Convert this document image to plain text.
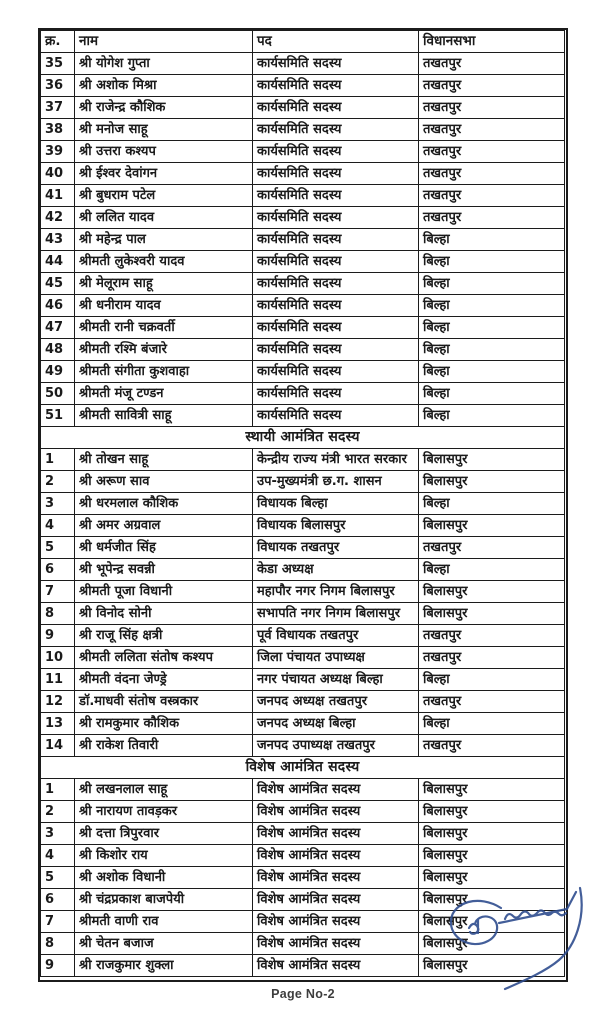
क्र.	नाम	पद	विधानसभा
35	श्री योगेश गुप्ता	कार्यसमिति सदस्य	तखतपुर
36	श्री अशोक मिश्रा	कार्यसमिति सदस्य	तखतपुर
37	श्री राजेन्द्र कौशिक	कार्यसमिति सदस्य	तखतपुर
38	श्री मनोज साहू	कार्यसमिति सदस्य	तखतपुर
39	श्री उत्तरा कश्यप	कार्यसमिति सदस्य	तखतपुर
40	श्री ईश्वर देवांगन	कार्यसमिति सदस्य	तखतपुर
41	श्री बुधराम पटेल	कार्यसमिति सदस्य	तखतपुर
42	श्री ललित यादव	कार्यसमिति सदस्य	तखतपुर
43	श्री महेन्द्र पाल	कार्यसमिति सदस्य	बिल्हा
44	श्रीमती लुकेश्वरी यादव	कार्यसमिति सदस्य	बिल्हा
45	श्री मेलूराम साहू	कार्यसमिति सदस्य	बिल्हा
46	श्री धनीराम यादव	कार्यसमिति सदस्य	बिल्हा
47	श्रीमती रानी चक्रवर्ती	कार्यसमिति सदस्य	बिल्हा
48	श्रीमती रश्मि बंजारे	कार्यसमिति सदस्य	बिल्हा
49	श्रीमती संगीता कुशवाहा	कार्यसमिति सदस्य	बिल्हा
50	श्रीमती मंजू टण्डन	कार्यसमिति सदस्य	बिल्हा
51	श्रीमती सावित्री साहू	कार्यसमिति सदस्य	बिल्हा
स्थायी आमंत्रित सदस्य			
1	श्री तोखन साहू	केन्द्रीय राज्य मंत्री भारत सरकार	बिलासपुर
2	श्री अरूण साव	उप-मुख्यमंत्री छ.ग. शासन	बिलासपुर
3	श्री धरमलाल कौशिक	विधायक बिल्हा	बिल्हा
4	श्री अमर अग्रवाल	विधायक बिलासपुर	बिलासपुर
5	श्री धर्मजीत सिंह	विधायक तखतपुर	तखतपुर
6	श्री भूपेन्द्र सवन्नी	केडा अध्यक्ष	बिल्हा
7	श्रीमती पूजा विधानी	महापौर नगर निगम बिलासपुर	बिलासपुर
8	श्री विनोद सोनी	सभापति नगर निगम बिलासपुर	बिलासपुर
9	श्री राजू सिंह क्षत्री	पूर्व विधायक तखतपुर	तखतपुर
10	श्रीमती ललिता संतोष कश्यप	जिला पंचायत उपाध्यक्ष	तखतपुर
11	श्रीमती वंदना जेण्ड्रे	नगर पंचायत अध्यक्ष बिल्हा	बिल्हा
12	डॉ.माधवी संतोष वस्त्रकार	जनपद अध्यक्ष तखतपुर	तखतपुर
13	श्री रामकुमार कौशिक	जनपद अध्यक्ष बिल्हा	बिल्हा
14	श्री राकेश तिवारी	जनपद उपाध्यक्ष तखतपुर	तखतपुर
विशेष आमंत्रित सदस्य			
1	श्री लखनलाल साहू	विशेष आमंत्रित सदस्य	बिलासपुर
2	श्री नारायण तावड़कर	विशेष आमंत्रित सदस्य	बिलासपुर
3	श्री दत्ता त्रिपुरवार	विशेष आमंत्रित सदस्य	बिलासपुर
4	श्री किशोर राय	विशेष आमंत्रित सदस्य	बिलासपुर
5	श्री अशोक विधानी	विशेष आमंत्रित सदस्य	बिलासपुर
6	श्री चंद्रप्रकाश बाजपेयी	विशेष आमंत्रित सदस्य	बिलासपुर
7	श्रीमती वाणी राव	विशेष आमंत्रित सदस्य	बिलासपुर
8	श्री चेतन बजाज	विशेष आमंत्रित सदस्य	बिलासपुर
9	श्री राजकुमार शुक्ला	विशेष आमंत्रित सदस्य	बिलासपुर
Page No-2
